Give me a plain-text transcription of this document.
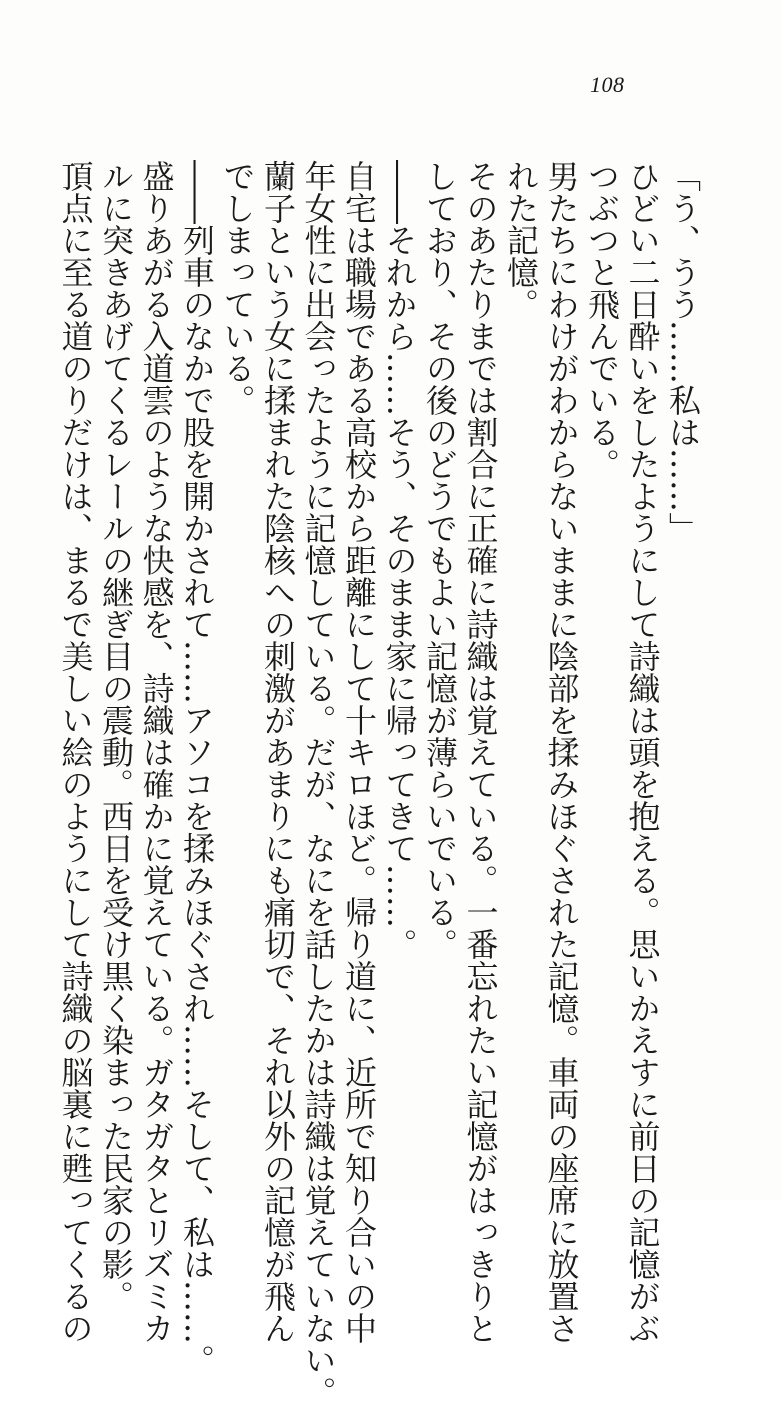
108

「う、うう……私は……」

ひどい二日酔いをしたようにして詩織は頭を抱える。思いかえすに前日の記憶がぶ

つぶつと飛んでいる。

男たちにわけがわからないままに陰部を揉みほぐされた記憶。車両の座席に放置さ

れた記憶。

そのあたりまでは割合に正確に詩織は覚えている。一番忘れたい記憶がはっきりと

しており、その後のどうでもよい記憶が薄らいでいる。

――それから……そう、そのまま家に帰ってきて……。

自宅は職場である高校から距離にして十キロほど。帰り道に、近所で知り合いの中

年女性に出会ったように記憶している。だが、なにを話したかは詩織は覚えていない。

蘭子という女に揉まれた陰核への刺激があまりにも痛切で、それ以外の記憶が飛ん

でしまっている。

――列車のなかで股を開かされて……アソコを揉みほぐされ……そして、私は……。

盛りあがる入道雲のような快感を、詩織は確かに覚えている。ガタガタとリズミカ

ルに突きあげてくるレールの継ぎ目の震動。西日を受け黒く染まった民家の影。

頂点に至る道のりだけは、まるで美しい絵のようにして詩織の脳裏に甦ってくるの
